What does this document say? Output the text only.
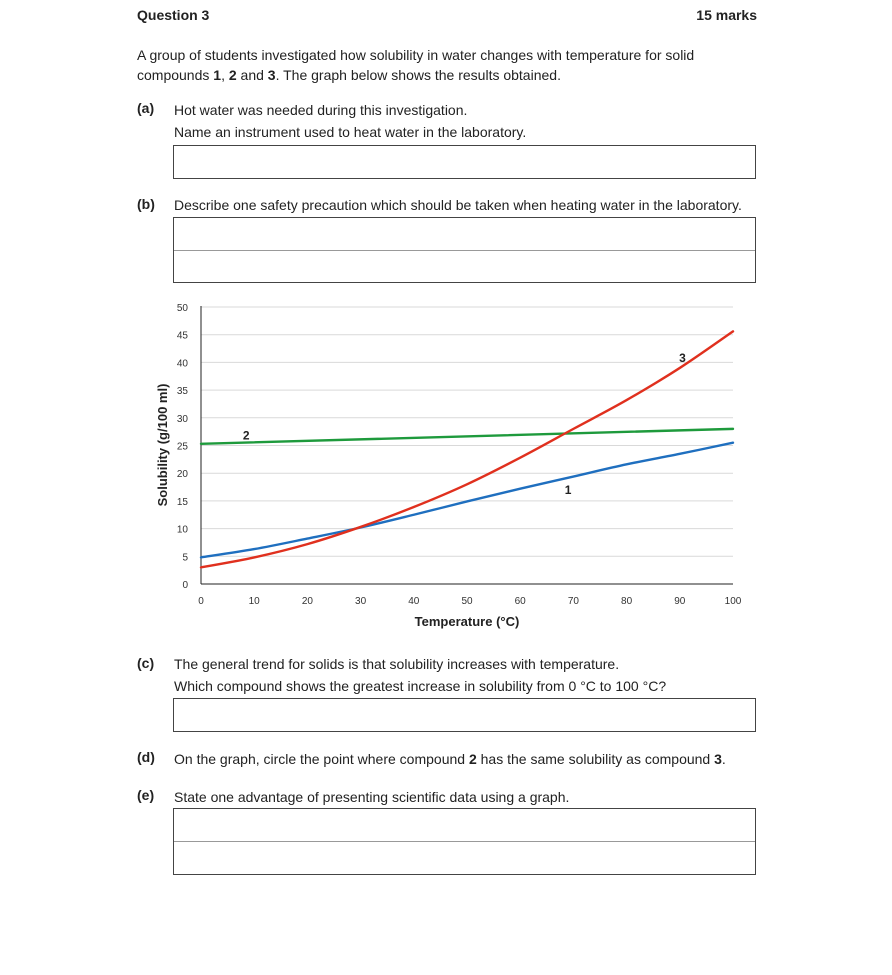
Question 3	15 marks
A group of students investigated how solubility in water changes with temperature for solid
compounds 1, 2 and 3. The graph below shows the results obtained.
(a) Hot water was needed during this investigation.
Name an instrument used to heat water in the laboratory.
(b) Describe one safety precaution which should be taken when heating water in the laboratory.
0
5
10
15
20
25
30
35
40
45
50
0	10	20	30	40	50	60	70	80	90	100
1
2
3
Temperature (°C)
Solubility (g/100 ml)
(c) The general trend for solids is that solubility increases with temperature.
Which compound shows the greatest increase in solubility from 0 °C to 100 °C?
(d) On the graph, circle the point where compound 2 has the same solubility as compound 3.
(e) State one advantage of presenting scientific data using a graph.
